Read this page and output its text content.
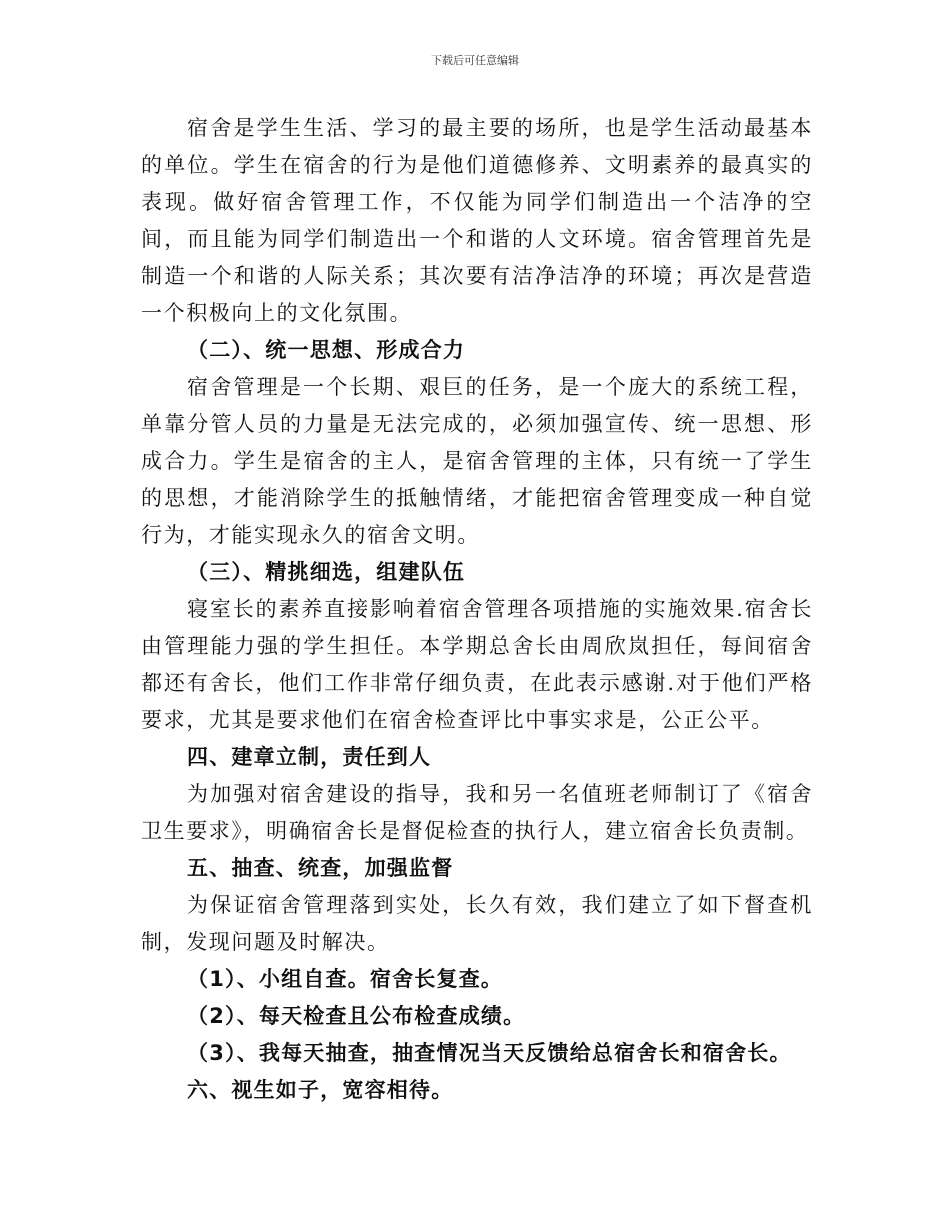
下载后可任意编辑

宿舍是学生生活、学习的最主要的场所，也是学生活动最基本的单位。学生在宿舍的行为是他们道德修养、文明素养的最真实的表现。做好宿舍管理工作，不仅能为同学们制造出一个洁净的空间，而且能为同学们制造出一个和谐的人文环境。宿舍管理首先是制造一个和谐的人际关系；其次要有洁净洁净的环境；再次是营造一个积极向上的文化氛围。

（二）、统一思想、形成合力

宿舍管理是一个长期、艰巨的任务，是一个庞大的系统工程，单靠分管人员的力量是无法完成的，必须加强宣传、统一思想、形成合力。学生是宿舍的主人，是宿舍管理的主体，只有统一了学生的思想，才能消除学生的抵触情绪，才能把宿舍管理变成一种自觉行为，才能实现永久的宿舍文明。

（三）、精挑细选，组建队伍

寝室长的素养直接影响着宿舍管理各项措施的实施效果.宿舍长由管理能力强的学生担任。本学期总舍长由周欣岚担任，每间宿舍都还有舍长，他们工作非常仔细负责，在此表示感谢.对于他们严格要求，尤其是要求他们在宿舍检查评比中事实求是，公正公平。

四、建章立制，责任到人

为加强对宿舍建设的指导，我和另一名值班老师制订了《宿舍卫生要求》，明确宿舍长是督促检查的执行人，建立宿舍长负责制。

五、抽查、统查，加强监督

为保证宿舍管理落到实处，长久有效，我们建立了如下督查机制，发现问题及时解决。

（1）、小组自查。宿舍长复查。

（2）、每天检查且公布检查成绩。

（3）、我每天抽查，抽查情况当天反馈给总宿舍长和宿舍长。

六、视生如子，宽容相待。
